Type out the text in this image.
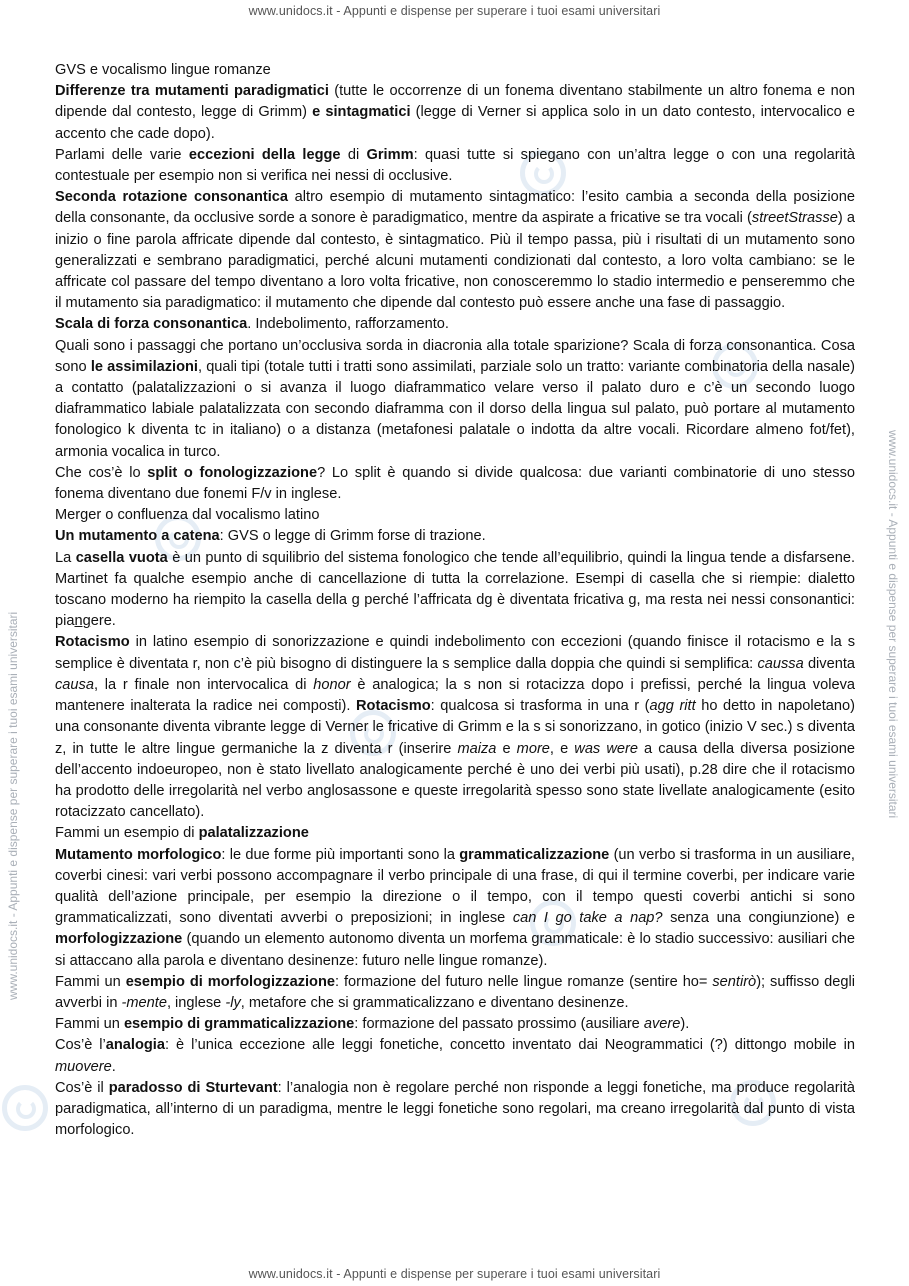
www.unidocs.it - Appunti e dispense per superare i tuoi esami universitari
www.unidocs.it - Appunti e dispense per superare i tuoi esami universitari
www.unidocs.it - Appunti e dispense per superare i tuoi esami universitari	www.unidocs.it - Appunti e dispense per superare i tuoi esami universitari

GVS e vocalismo lingue romanze

Differenze tra mutamenti paradigmatici (tutte le occorrenze di un fonema diventano stabilmente un altro fonema e non dipende dal contesto, legge di Grimm) e sintagmatici (legge di Verner si applica solo in un dato contesto, intervocalico e accento che cade dopo).

Parlami delle varie eccezioni della legge di Grimm: quasi tutte si spiegano con un’altra legge o con una regolarità contestuale per esempio non si verifica nei nessi di occlusive.

Seconda rotazione consonantica altro esempio di mutamento sintagmatico: l’esito cambia a seconda della posizione della consonante, da occlusive sorde a sonore è paradigmatico, mentre da aspirate a fricative se tra vocali (streetStrasse) a inizio o fine parola affricate dipende dal contesto, è sintagmatico. Più il tempo passa, più i risultati di un mutamento sono generalizzati e sembrano paradigmatici, perché alcuni mutamenti condizionati dal contesto, a loro volta cambiano: se le affricate col passare del tempo diventano a loro volta fricative, non conosceremmo lo stadio intermedio e penseremmo che il mutamento sia paradigmatico: il mutamento che dipende dal contesto può essere anche una fase di passaggio.

Scala di forza consonantica. Indebolimento, rafforzamento.

Quali sono i passaggi che portano un’occlusiva sorda in diacronia alla totale sparizione? Scala di forza consonantica. Cosa sono le assimilazioni, quali tipi (totale tutti i tratti sono assimilati, parziale solo un tratto: variante combinatoria della nasale) a contatto (palatalizzazioni o si avanza il luogo diaframmatico velare verso il palato duro e c’è un secondo luogo diaframmatico labiale palatalizzata con secondo diaframma con il dorso della lingua sul palato, può portare al mutamento fonologico k diventa tc in italiano) o a distanza (metafonesi palatale o indotta da altre vocali. Ricordare almeno fot/fet), armonia vocalica in turco.

Che cos’è lo split o fonologizzazione? Lo split è quando si divide qualcosa: due varianti combinatorie di uno stesso fonema diventano due fonemi F/v in inglese.

Merger o confluenza dal vocalismo latino

Un mutamento a catena: GVS o legge di Grimm forse di trazione.

La casella vuota è un punto di squilibrio del sistema fonologico che tende all’equilibrio, quindi la lingua tende a disfarsene. Martinet fa qualche esempio anche di cancellazione di tutta la correlazione. Esempi di casella che si riempie: dialetto toscano moderno ha riempito la casella della g perché l’affricata dg è diventata fricativa g, ma resta nei nessi consonantici: piangere.

Rotacismo in latino esempio di sonorizzazione e quindi indebolimento con eccezioni (quando finisce il rotacismo e la s semplice è diventata r, non c’è più bisogno di distinguere la s semplice dalla doppia che quindi si semplifica: caussa diventa causa, la r finale non intervocalica di honor è analogica; la s non si rotacizza dopo i prefissi, perché la lingua voleva mantenere inalterata la radice nei composti). Rotacismo: qualcosa si trasforma in una r (agg ritt ho detto in napoletano) una consonante diventa vibrante legge di Verner le fricative di Grimm e la s si sonorizzano, in gotico (inizio V sec.) s diventa z, in tutte le altre lingue germaniche la z diventa r (inserire maiza e more, e was were a causa della diversa posizione dell’accento indoeuropeo, non è stato livellato analogicamente perché è uno dei verbi più usati), p.28 dire che il rotacismo ha prodotto delle irregolarità nel verbo anglosassone e queste irregolarità spesso sono state livellate analogicamente (esito rotacizzato cancellato).

Fammi un esempio di palatalizzazione

Mutamento morfologico: le due forme più importanti sono la grammaticalizzazione (un verbo si trasforma in un ausiliare, coverbi cinesi: vari verbi possono accompagnare il verbo principale di una frase, di qui il termine coverbi, per indicare varie qualità dell’azione principale, per esempio la direzione o il tempo, con il tempo questi coverbi antichi si sono grammaticalizzati, sono diventati avverbi o preposizioni; in inglese can I go take a nap? senza una congiunzione) e morfologizzazione (quando un elemento autonomo diventa un morfema grammaticale: è lo stadio successivo: ausiliari che si attaccano alla parola e diventano desinenze: futuro nelle lingue romanze).

Fammi un esempio di morfologizzazione: formazione del futuro nelle lingue romanze (sentire ho= sentirò); suffisso degli avverbi in -mente, inglese -ly, metafore che si grammaticalizzano e diventano desinenze.

Fammi un esempio di grammaticalizzazione: formazione del passato prossimo (ausiliare avere).

Cos’è l’analogia: è l’unica eccezione alle leggi fonetiche, concetto inventato dai Neogrammatici (?) dittongo mobile in muovere.

Cos’è il paradosso di Sturtevant: l’analogia non è regolare perché non risponde a leggi fonetiche, ma produce regolarità paradigmatica, all’interno di un paradigma, mentre le leggi fonetiche sono regolari, ma creano irregolarità dal punto di vista morfologico.
